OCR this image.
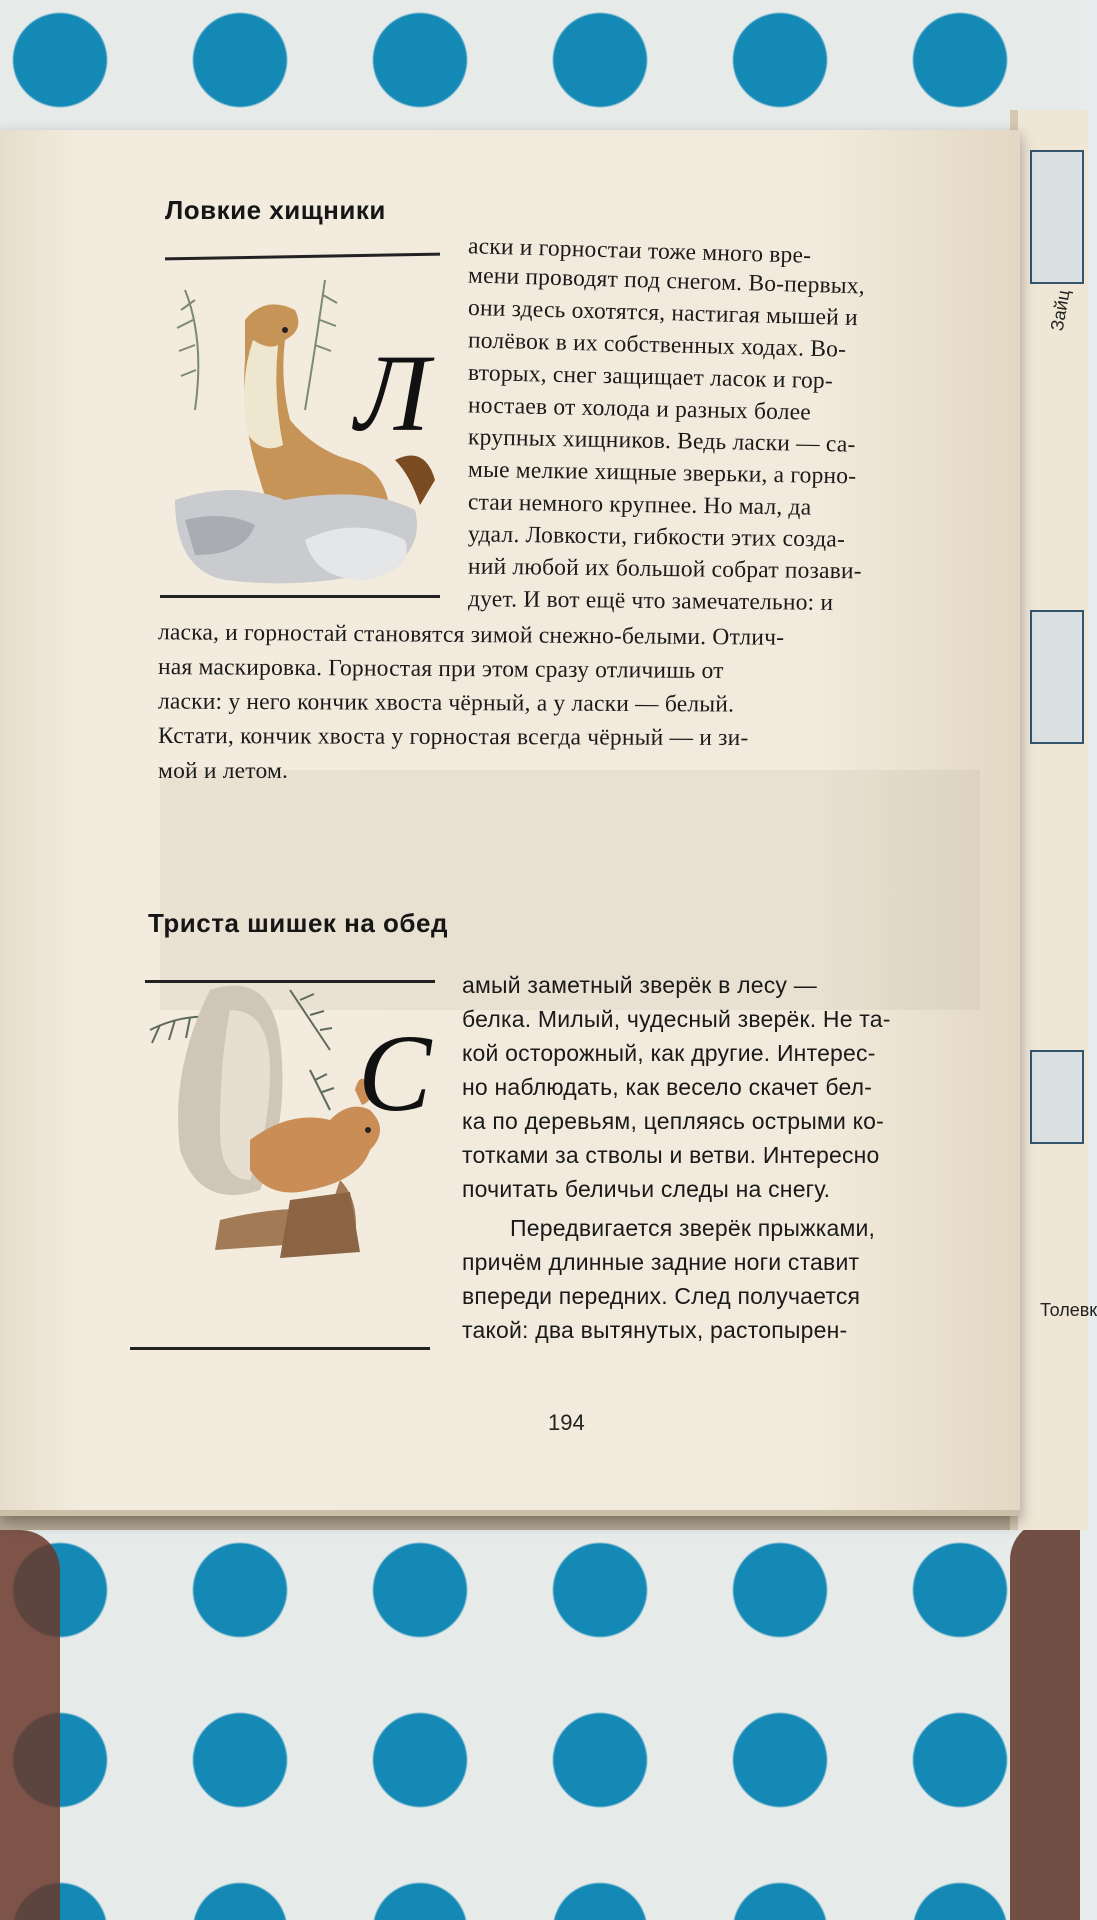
Зайц
Толевк
Ловкие хищники
Л
аски и горностаи тоже много вре-
мени проводят под снегом. Во-первых,
они здесь охотятся, настигая мышей и
полёвок в их собственных ходах. Во-
вторых, снег защищает ласок и гор-
ностаев от холода и разных более
крупных хищников. Ведь ласки — са-
мые мелкие хищные зверьки, а горно-
стаи немного крупнее. Но мал, да
удал. Ловкости, гибкости этих созда-
ний любой их большой собрат позави-
дует. И вот ещё что замечательно: и
ласка, и горностай становятся зимой снежно-белыми. Отлич-
ная маскировка. Горностая при этом сразу отличишь от
ласки: у него кончик хвоста чёрный, а у ласки — белый.
Кстати, кончик хвоста у горностая всегда чёрный — и зи-
мой и летом.
Триста шишек на обед
С
амый заметный зверёк в лесу —
белка. Милый, чудесный зверёк. Не та-
кой осторожный, как другие. Интерес-
но наблюдать, как весело скачет бел-
ка по деревьям, цепляясь острыми ко-
тотками за стволы и ветви. Интересно
почитать беличьи следы на снегу.
Передвигается зверёк прыжками,
причём длинные задние ноги ставит
впереди передних. След получается
такой: два вытянутых, растопырен-
194
